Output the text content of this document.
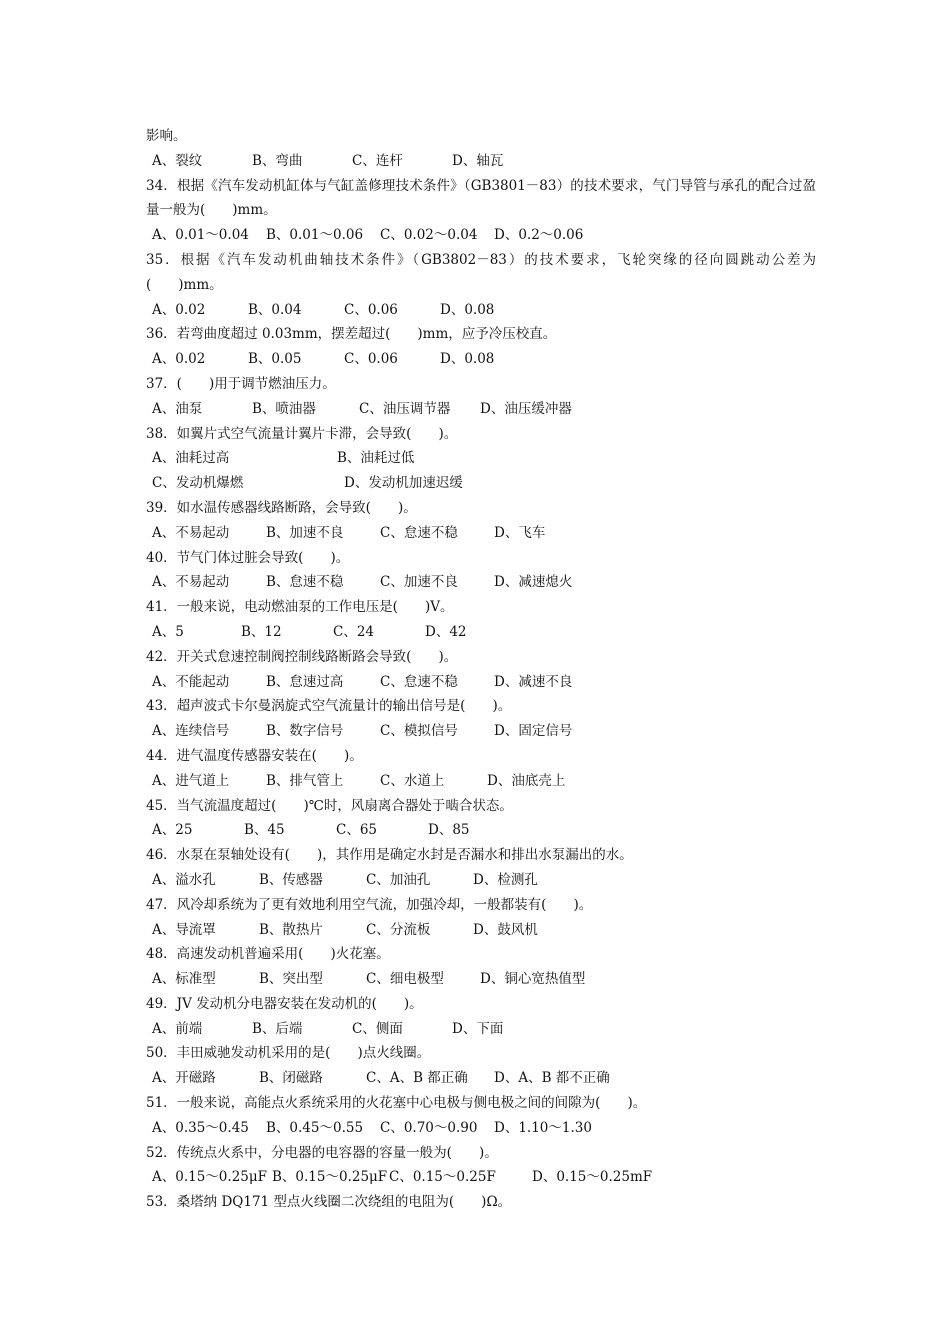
影响。
A、裂纹	B、弯曲	C、连杆	D、轴瓦
34．根据《汽车发动机缸体与气缸盖修理技术条件》（GB3801－83）的技术要求，气门导管与承孔的配合过盈量一般为(　　)mm。
A、0.01～0.04 B、0.01～0.06 C、0.02～0.04 D、0.2～0.06
35．根据《汽车发动机曲轴技术条件》（GB3802－83）的技术要求，飞轮突缘的径向圆跳动公差为(　　)mm。
A、0.02	B、0.04	C、0.06	D、0.08
36．若弯曲度超过 0.03mm，摆差超过(　　)mm，应予冷压校直。
A、0.02	B、0.05	C、0.06	D、0.08
37．(　　)用于调节燃油压力。
A、油泵	B、喷油器	C、油压调节器 D、油压缓冲器
38．如翼片式空气流量计翼片卡滞，会导致(　　)。
A、油耗过高	B、油耗过低
C、发动机爆燃	D、发动机加速迟缓
39．如水温传感器线路断路，会导致(　　)。
A、不易起动	B、加速不良	C、怠速不稳	D、飞车
40．节气门体过脏会导致(　　)。
A、不易起动	B、怠速不稳	C、加速不良	D、减速熄火
41．一般来说，电动燃油泵的工作电压是(　　)V。
A、5	B、12	C、24	D、42
42．开关式怠速控制阀控制线路断路会导致(　　)。
A、不能起动	B、怠速过高	C、怠速不稳	D、减速不良
43．超声波式卡尔曼涡旋式空气流量计的输出信号是(　　)。
A、连续信号	B、数字信号	C、模拟信号	D、固定信号
44．进气温度传感器安装在(　　)。
A、进气道上	B、排气管上	C、水道上	D、油底壳上
45．当气流温度超过(　　)℃时，风扇离合器处于啮合状态。
A、25	B、45	C、65	D、85
46．水泵在泵轴处设有(　　)，其作用是确定水封是否漏水和排出水泵漏出的水。
A、溢水孔	B、传感器	C、加油孔	D、检测孔
47．风冷却系统为了更有效地利用空气流，加强冷却，一般都装有(　　)。
A、导流罩	B、散热片	C、分流板	D、鼓风机
48．高速发动机普遍采用(　　)火花塞。
A、标准型	B、突出型	C、细电极型	D、铜心宽热值型
49．JV 发动机分电器安装在发动机的(　　)。
A、前端	B、后端	C、侧面	D、下面
50．丰田威驰发动机采用的是(　　)点火线圈。
A、开磁路	B、闭磁路	C、A、B 都正确 D、A、B 都不正确
51．一般来说，高能点火系统采用的火花塞中心电极与侧电极之间的间隙为(　　)。
A、0.35～0.45 B、0.45～0.55 C、0.70～0.90 D、1.10～1.30
52．传统点火系中，分电器的电容器的容量一般为(　　)。
A、0.15～0.25μF B、0.15～0.25μF C、0.15～0.25F	D、0.15～0.25mF
53．桑塔纳 DQ171 型点火线圈二次绕组的电阻为(　　)Ω。
